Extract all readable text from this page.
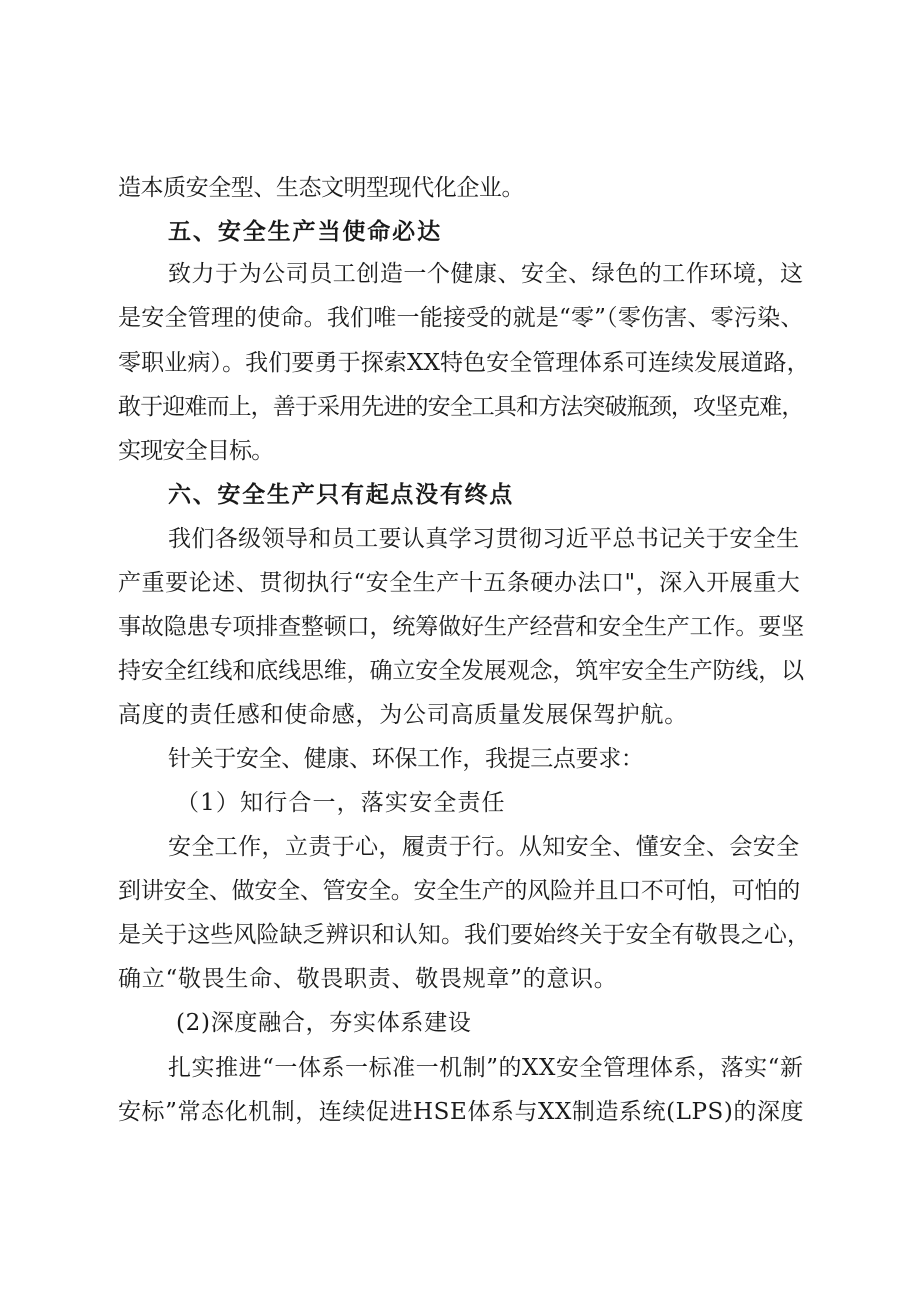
造本质安全型、生态文明型现代化企业。
五、安全生产当使命必达
致力于为公司员工创造一个健康、安全、绿色的工作环境，这
是安全管理的使命。我们唯一能接受的就是“零”（零伤害、零污染、
零职业病）。我们要勇于探索XX特色安全管理体系可连续发展道路，
敢于迎难而上，善于采用先进的安全工具和方法突破瓶颈，攻坚克难，
实现安全目标。
六、安全生产只有起点没有终点
我们各级领导和员工要认真学习贯彻习近平总书记关于安全生
产重要论述、贯彻执行“安全生产十五条硬办法口"，深入开展重大
事故隐患专项排查整顿口，统筹做好生产经营和安全生产工作。要坚
持安全红线和底线思维，确立安全发展观念，筑牢安全生产防线，以
高度的责任感和使命感，为公司高质量发展保驾护航。
针关于安全、健康、环保工作，我提三点要求：
（1）知行合一，落实安全责任
安全工作，立责于心，履责于行。从知安全、懂安全、会安全
到讲安全、做安全、管安全。安全生产的风险并且口不可怕，可怕的
是关于这些风险缺乏辨识和认知。我们要始终关于安全有敬畏之心，
确立“敬畏生命、敬畏职责、敬畏规章”的意识。
(2)深度融合，夯实体系建设
扎实推进“一体系一标准一机制”的XX安全管理体系，落实“新
安标”常态化机制，连续促进HSE体系与XX制造系统(LPS)的深度
